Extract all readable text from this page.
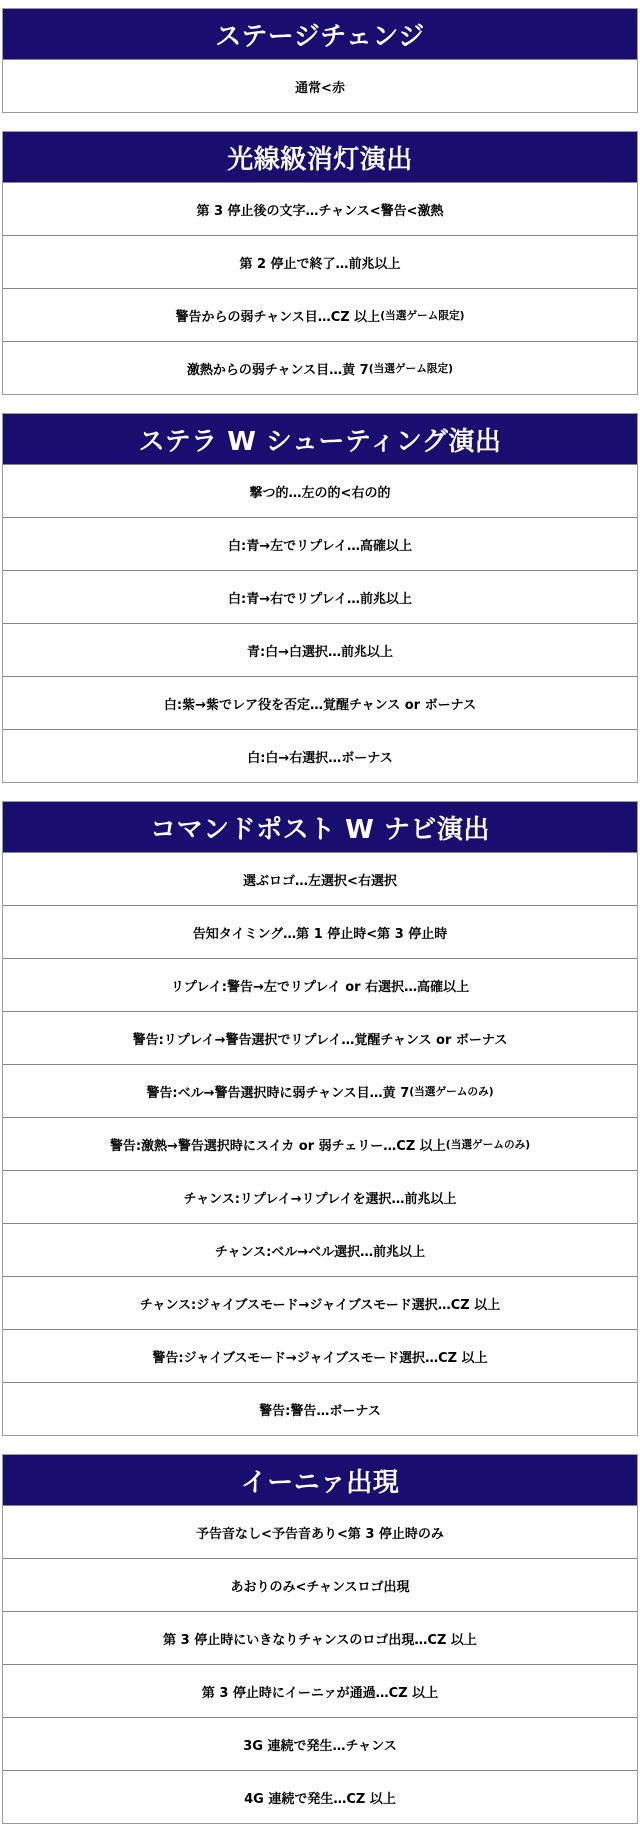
ステージチェンジ
通常<赤
光線級消灯演出
第 3 停止後の文字…チャンス<警告<激熱
第 2 停止で終了…前兆以上
警告からの弱チャンス目…CZ 以上 (当選ゲーム限定)
激熱からの弱チャンス目…黄 7 (当選ゲーム限定)
ステラ W シューティング演出
撃つ的…左の的<右の的
白:青→左でリプレイ…高確以上
白:青→右でリプレイ…前兆以上
青:白→白選択…前兆以上
白:紫→紫でレア役を否定…覚醒チャンス or ボーナス
白:白→右選択…ボーナス
コマンドポスト W ナビ演出
選ぶロゴ…左選択<右選択
告知タイミング…第 1 停止時<第 3 停止時
リプレイ:警告→左でリプレイ or 右選択…高確以上
警告:リプレイ→警告選択でリプレイ…覚醒チャンス or ボーナス
警告:ベル→警告選択時に弱チャンス目…黄 7 (当選ゲームのみ)
警告:激熱→警告選択時にスイカ or 弱チェリー…CZ 以上 (当選ゲームのみ)
チャンス:リプレイ→リプレイを選択…前兆以上
チャンス:ベル→ベル選択…前兆以上
チャンス:ジャイブスモード→ジャイブスモード選択…CZ 以上
警告:ジャイブスモード→ジャイブスモード選択…CZ 以上
警告:警告…ボーナス
イーニァ出現
予告音なし<予告音あり<第 3 停止時のみ
あおりのみ<チャンスロゴ出現
第 3 停止時にいきなりチャンスのロゴ出現…CZ 以上
第 3 停止時にイーニァが通過…CZ 以上
3G 連続で発生…チャンス
4G 連続で発生…CZ 以上
